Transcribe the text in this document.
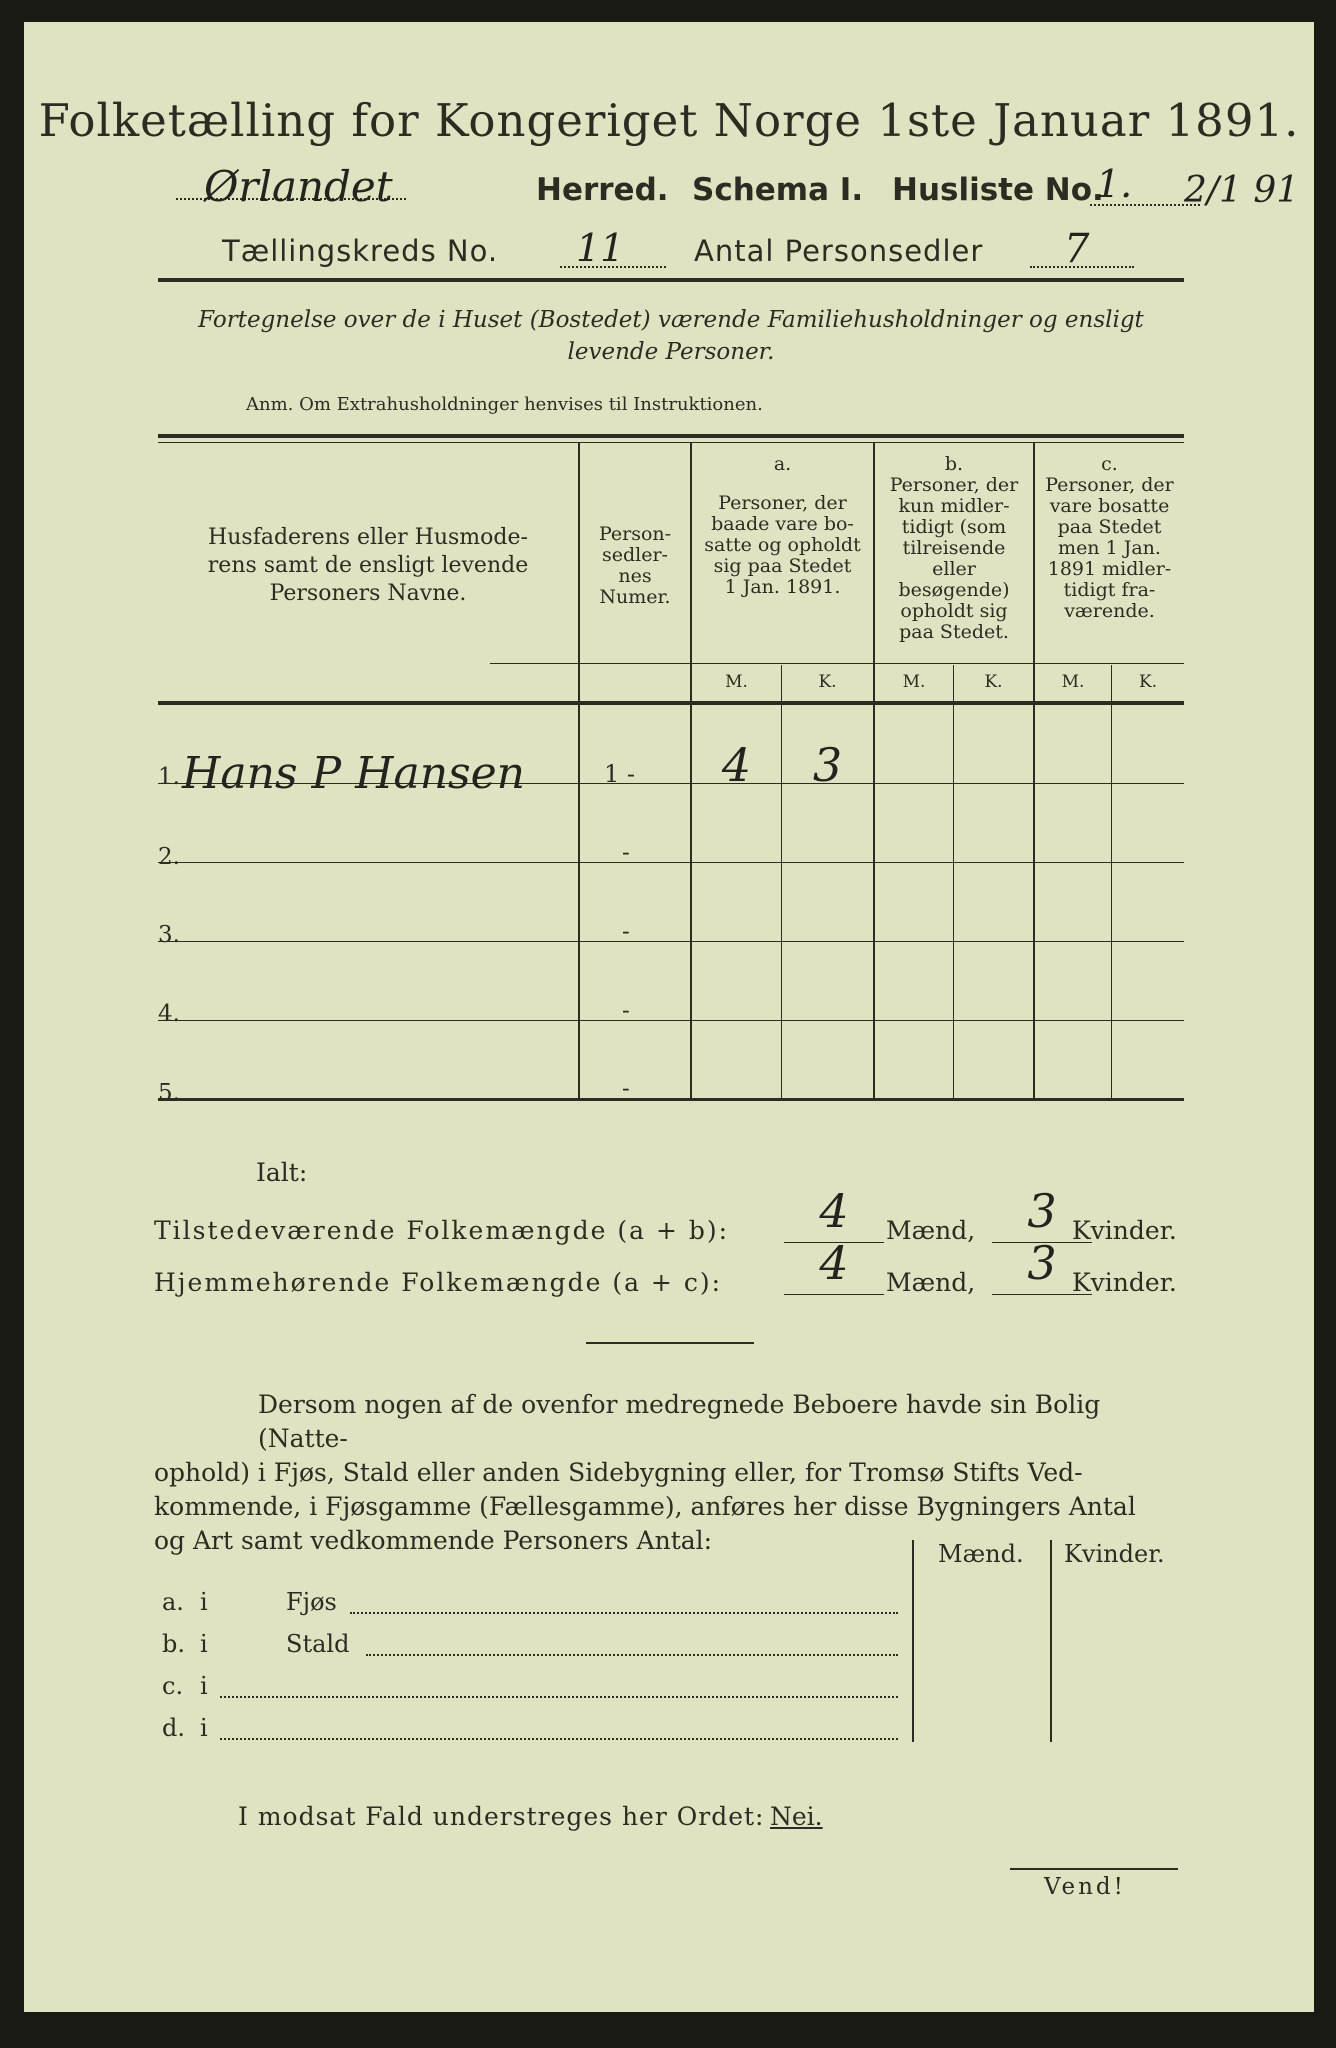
Folketælling for Kongeriget Norge 1ste Januar 1891.
Ørlandet	Herred. Schema I. Husliste No.
1. 2/1 91
Tællingskreds No. 11 Antal Personsedler 7
Fortegnelse over de i Huset (Bostedet) værende Familiehusholdninger og ensligt
levende Personer.
Anm. Om Extrahusholdninger henvises til Instruktionen.
Husfaderens eller Husmode-
rens samt de ensligt levende
Personers Navne.
Person-
sedler-
nes
Numer.
a.
Personer, der
baade vare bo-
satte og opholdt
sig paa Stedet
1 Jan. 1891.
b.
Personer, der
kun midler-
tidigt (som
tilreisende
eller
besøgende)
opholdt sig
paa Stedet.
c.
Personer, der
vare bosatte
paa Stedet
men 1 Jan.
1891 midler-
tidigt fra-
værende.
M.	K.	M.	K.	M.	K.
1. Hans P Hansen	1 -	4	3
2.	-
3.	-
4.	-
5.	-
Ialt:
Tilstedeværende Folkemængde (a + b):	4	Mænd,	3 Kvinder.
Hjemmehørende Folkemængde (a + c):	4	Mænd,	3 Kvinder.
Dersom nogen af de ovenfor medregnede Beboere havde sin Bolig (Natte-
ophold) i Fjøs, Stald eller anden Sidebygning eller, for Tromsø Stifts Ved-
kommende, i Fjøsgamme (Fællesgamme), anføres her disse Bygningers Antal
og Art samt vedkommende Personers Antal:	Mænd. Kvinder.
a. i	Fjøs
b. i	Stald
c. i
d. i
I modsat Fald understreges her Ordet: Nei.
Vend!
